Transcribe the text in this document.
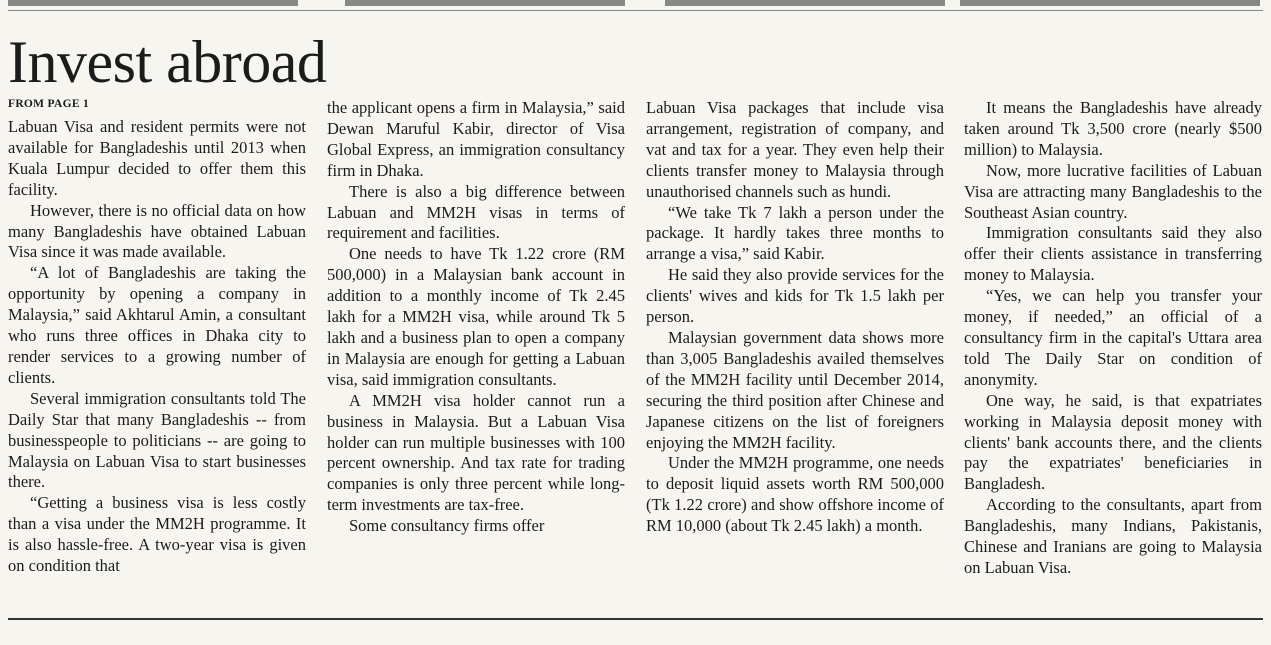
Invest abroad
FROM PAGE 1

Labuan Visa and resident permits were not available for Bangladeshis until 2013 when Kuala Lumpur decided to offer them this facility.

However, there is no official data on how many Bangladeshis have obtained Labuan Visa since it was made available.

“A lot of Bangladeshis are taking the opportunity by opening a company in Malaysia,” said Akhtarul Amin, a consultant who runs three offices in Dhaka city to render services to a growing number of clients.

Several immigration consultants told The Daily Star that many Bangladeshis -- from businesspeople to politicians -- are going to Malaysia on Labuan Visa to start businesses there.

“Getting a business visa is less costly than a visa under the MM2H programme. It is also hassle-free. A two-year visa is given on condition that

the applicant opens a firm in Malaysia,” said Dewan Maruful Kabir, director of Visa Global Express, an immigration consultancy firm in Dhaka.

There is also a big difference between Labuan and MM2H visas in terms of requirement and facilities.

One needs to have Tk 1.22 crore (RM 500,000) in a Malaysian bank account in addition to a monthly income of Tk 2.45 lakh for a MM2H visa, while around Tk 5 lakh and a business plan to open a company in Malaysia are enough for getting a Labuan visa, said immigration consultants.

A MM2H visa holder cannot run a business in Malaysia. But a Labuan Visa holder can run multiple businesses with 100 percent ownership. And tax rate for trading companies is only three percent while long-term investments are tax-free.

Some consultancy firms offer

Labuan Visa packages that include visa arrangement, registration of company, and vat and tax for a year. They even help their clients transfer money to Malaysia through unauthorised channels such as hundi.

“We take Tk 7 lakh a person under the package. It hardly takes three months to arrange a visa,” said Kabir.

He said they also provide services for the clients' wives and kids for Tk 1.5 lakh per person.

Malaysian government data shows more than 3,005 Bangladeshis availed themselves of the MM2H facility until December 2014, securing the third position after Chinese and Japanese citizens on the list of foreigners enjoying the MM2H facility.

Under the MM2H programme, one needs to deposit liquid assets worth RM 500,000 (Tk 1.22 crore) and show offshore income of RM 10,000 (about Tk 2.45 lakh) a month.

It means the Bangladeshis have already taken around Tk 3,500 crore (nearly $500 million) to Malaysia.

Now, more lucrative facilities of Labuan Visa are attracting many Bangladeshis to the Southeast Asian country.

Immigration consultants said they also offer their clients assistance in transferring money to Malaysia.

“Yes, we can help you transfer your money, if needed,” an official of a consultancy firm in the capital's Uttara area told The Daily Star on condition of anonymity.

One way, he said, is that expatriates working in Malaysia deposit money with clients' bank accounts there, and the clients pay the expatriates' beneficiaries in Bangladesh.

According to the consultants, apart from Bangladeshis, many Indians, Pakistanis, Chinese and Iranians are going to Malaysia on Labuan Visa.
